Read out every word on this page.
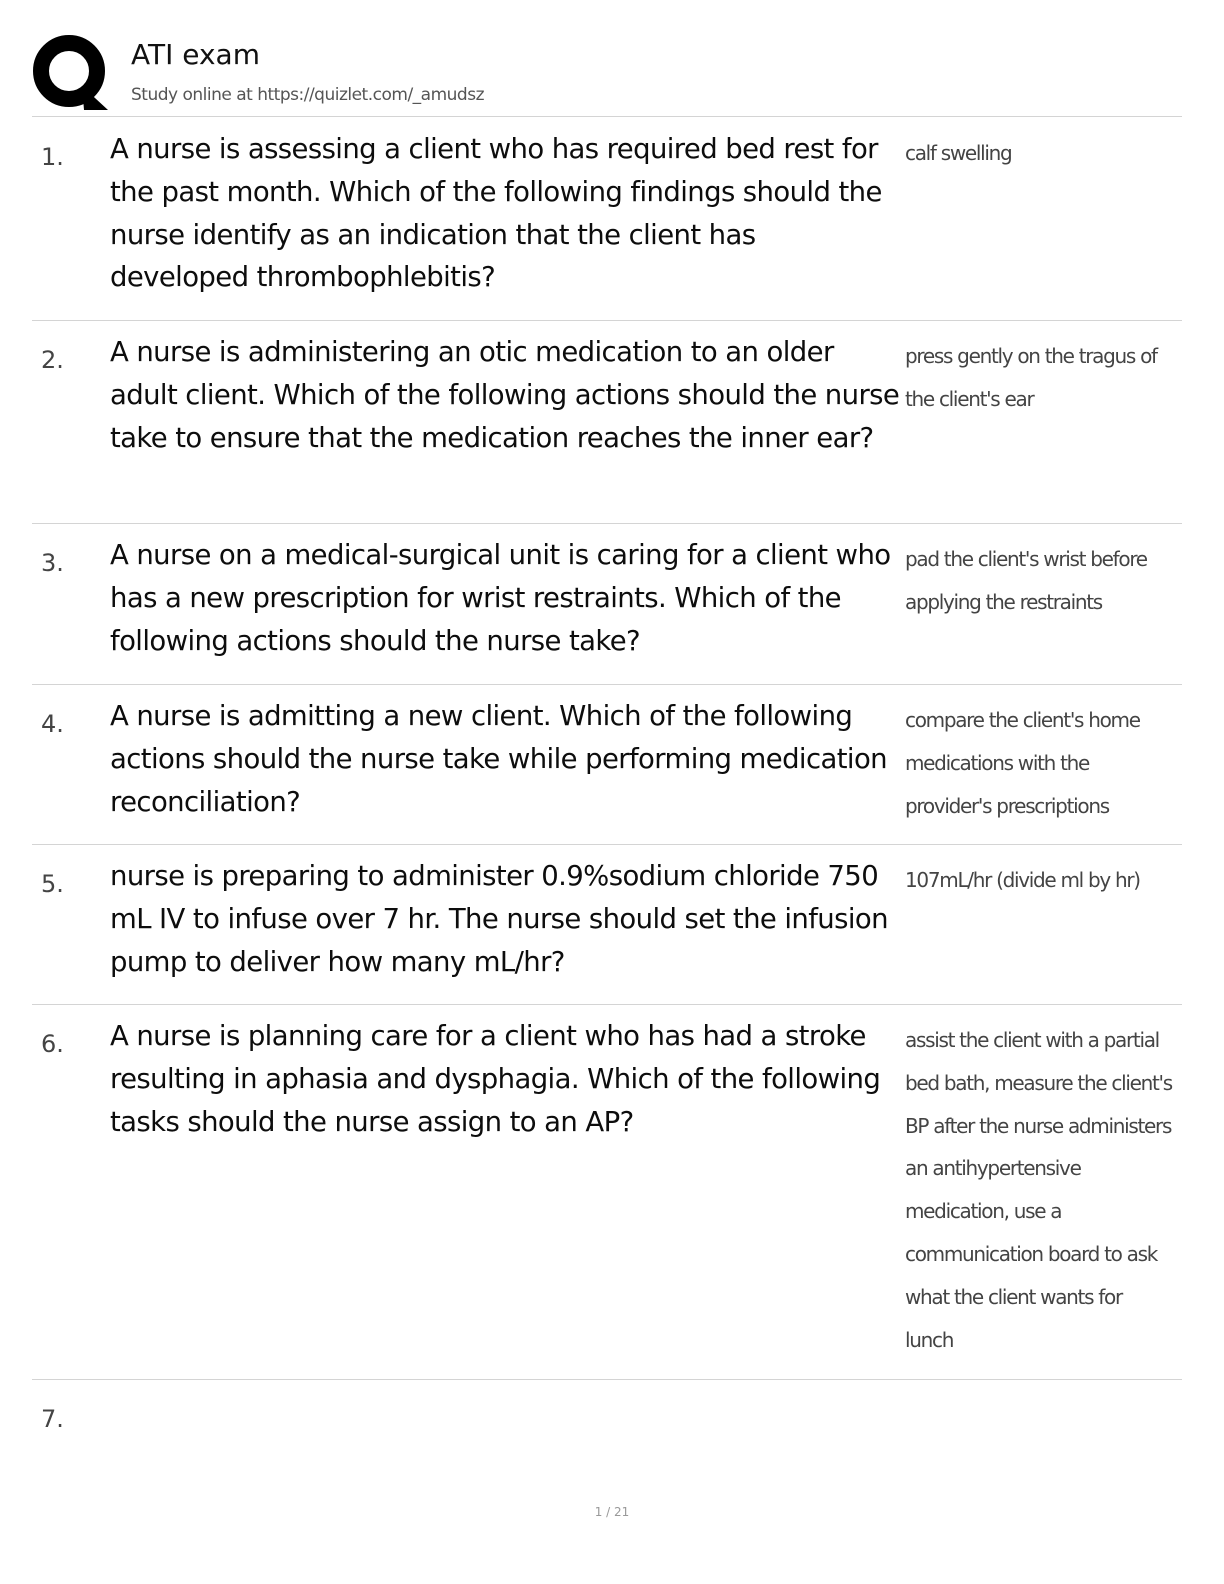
ATI exam
Study online at https://quizlet.com/_amudsz
1. A nurse is assessing a client who has required bed rest for the past month. Which of the following findings should the nurse identify as an indication that the client has developed thrombophlebitis?
calf swelling
2. A nurse is administering an otic medication to an older adult client. Which of the following actions should the nurse take to ensure that the medication reaches the inner ear?
press gently on the tragus of the client's ear
3. A nurse on a medical-surgical unit is caring for a client who has a new prescription for wrist restraints. Which of the following actions should the nurse take?
pad the client's wrist before applying the restraints
4. A nurse is admitting a new client. Which of the following actions should the nurse take while performing medication reconciliation?
compare the client's home medications with the provider's prescriptions
5. nurse is preparing to administer 0.9%sodium chloride 750 mL IV to infuse over 7 hr. The nurse should set the infusion pump to deliver how many mL/hr?
107mL/hr (divide ml by hr)
6. A nurse is planning care for a client who has had a stroke resulting in aphasia and dysphagia. Which of the following tasks should the nurse assign to an AP?
assist the client with a partial bed bath, measure the client's BP after the nurse administers an antihypertensive medication, use a communication board to ask what the client wants for lunch
7.
1 / 21
